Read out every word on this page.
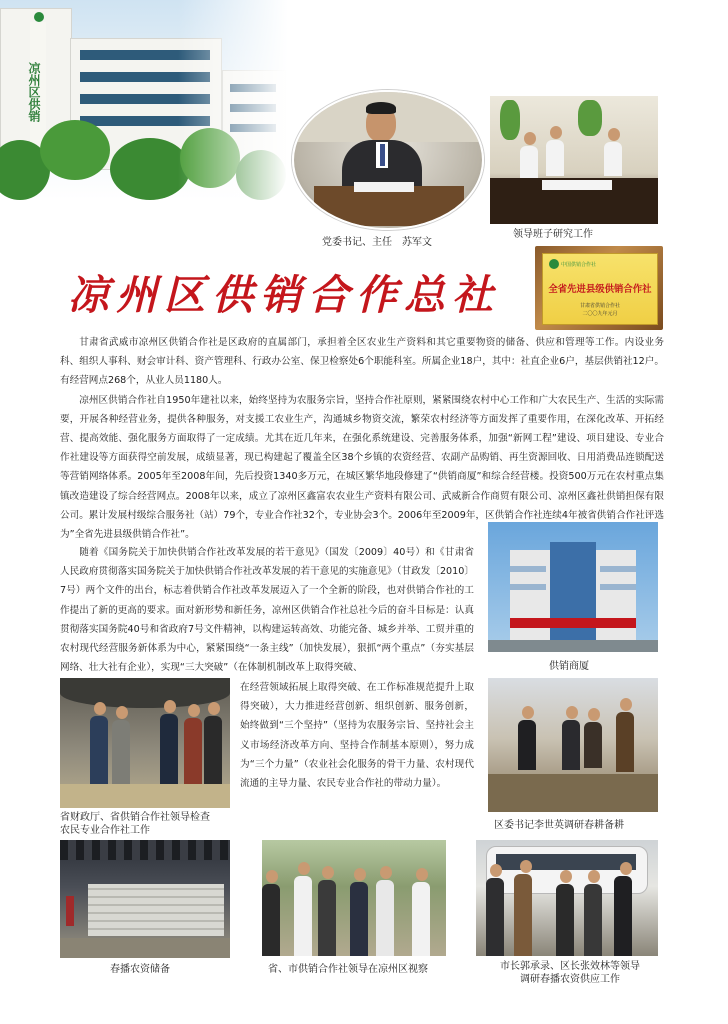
凉州区供销
党委书记、主任　苏军文
领导班子研究工作
凉州区供销合作总社
中国供销合作社
全省先进县级供销合作社
甘肃省供销合作社
二〇〇九年元月

甘肃省武威市凉州区供销合作社是区政府的直属部门，承担着全区农业生产资料和其它重要物资的储备、供应和管理等工作。内设业务科、组织人事科、财会审计科、资产管理科、行政办公室、保卫检察处6个职能科室。所属企业18户，其中：社直企业6户，基层供销社12户。有经营网点268个，从业人员1180人。

凉州区供销合作社自1950年建社以来，始终坚持为农服务宗旨，坚持合作社原则，紧紧围绕农村中心工作和广大农民生产、生活的实际需要，开展各种经营业务，提供各种服务，对支援工农业生产，沟通城乡物资交流，繁荣农村经济等方面发挥了重要作用，在深化改革、开拓经营、提高效能、强化服务方面取得了一定成绩。尤其在近几年来，在强化系统建设、完善服务体系，加强“新网工程”建设、项目建设、专业合作社建设等方面获得空前发展，成绩显著，现已构建起了覆盖全区38个乡镇的农资经营、农副产品购销、再生资源回收、日用消费品连锁配送等营销网络体系。2005年至2008年间，先后投资1340多万元，在城区繁华地段修建了“供销商厦”和综合经营楼。投资500万元在农村重点集镇改造建设了综合经营网点。2008年以来，成立了凉州区鑫富农农业生产资料有限公司、武威新合作商贸有限公司、凉州区鑫社供销担保有限公司。累计发展村级综合服务社（站）79个，专业合作社32个，专业协会3个。2006年至2009年，区供销合作社连续4年被省供销合作社评选为”全省先进县级供销合作社”。

随着《国务院关于加快供销合作社改革发展的若干意见》（国发〔2009〕40号）和《甘肃省人民政府贯彻落实国务院关于加快供销合作社改革发展的若干意见的实施意见》（甘政发〔2010〕7号）两个文件的出台，标志着供销合作社改革发展迈入了一个全新的阶段，也对供销合作社的工作提出了新的更高的要求。面对新形势和新任务，凉州区供销合作社总社今后的奋斗目标是：认真贯彻落实国务院40号和省政府7号文件精神，以构建运转高效、功能完备、城乡并举、工贸并重的农村现代经营服务新体系为中心，紧紧围绕“一条主线”（加快发展），狠抓“两个重点”（夯实基层网络、壮大社有企业），实现“三大突破”（在体制机制改革上取得突破、

在经营领域拓展上取得突破、在工作标准规范提升上取得突破），大力推进经营创新、组织创新、服务创新，始终做到“三个坚持”（坚持为农服务宗旨、坚持社会主义市场经济改革方向、坚持合作制基本原则），努力成为“三个力量”（农业社会化服务的骨干力量、农村现代流通的主导力量、农民专业合作社的带动力量）。

供销商厦
省财政厅、省供销合作社领导检查
农民专业合作社工作	区委书记李世英调研春耕备耕
春播农资储备	省、市供销合作社领导在凉州区视察	市长郭承录、区长张效林等领导
调研春播农资供应工作
